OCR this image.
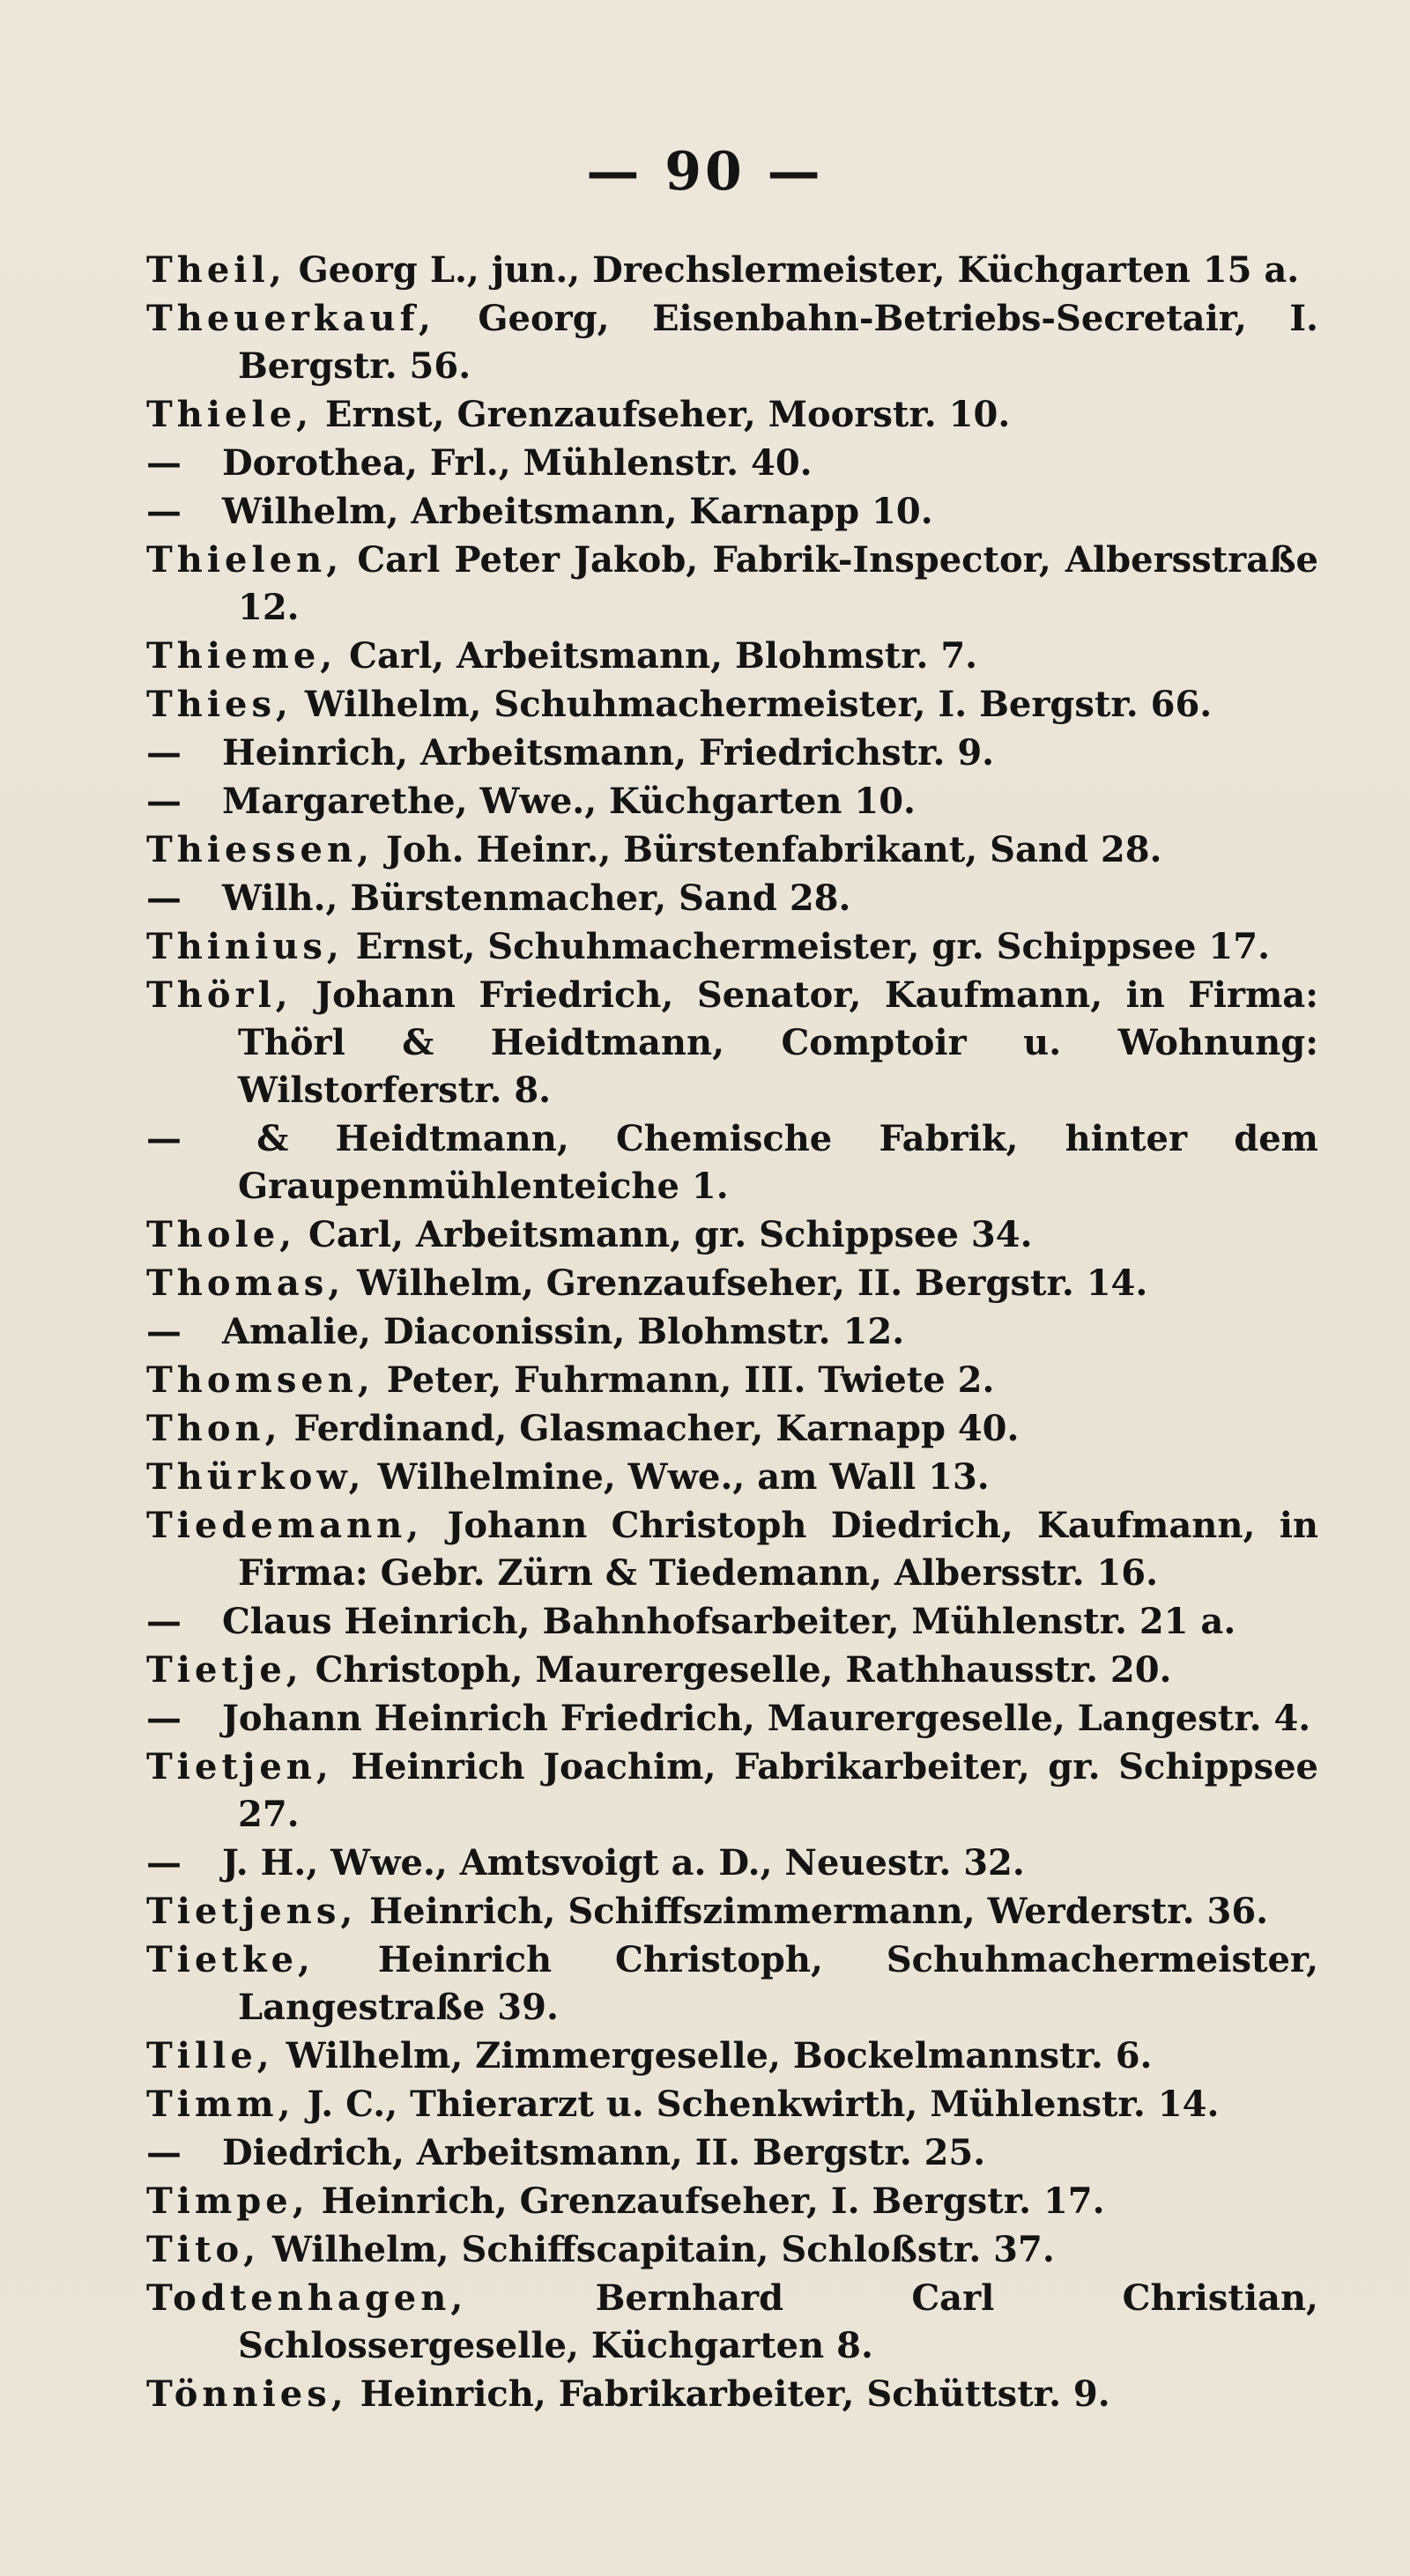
— 90 —

Theil, Georg L., jun., Drechslermeister, Küchgarten 15 a.

Theuerkauf, Georg, Eisenbahn-Betriebs-Secretair, I. Bergstr. 56.

Thiele, Ernst, Grenzaufseher, Moorstr. 10.

— Dorothea, Frl., Mühlenstr. 40.

— Wilhelm, Arbeitsmann, Karnapp 10.

Thielen, Carl Peter Jakob, Fabrik-Inspector, Albersstraße 12.

Thieme, Carl, Arbeitsmann, Blohmstr. 7.

Thies, Wilhelm, Schuhmachermeister, I. Bergstr. 66.

— Heinrich, Arbeitsmann, Friedrichstr. 9.

— Margarethe, Wwe., Küchgarten 10.

Thiessen, Joh. Heinr., Bürstenfabrikant, Sand 28.

— Wilh., Bürstenmacher, Sand 28.

Thinius, Ernst, Schuhmachermeister, gr. Schippsee 17.

Thörl, Johann Friedrich, Senator, Kaufmann, in Firma: Thörl & Heidtmann, Comptoir u. Wohnung: Wilstorferstr. 8.

— & Heidtmann, Chemische Fabrik, hinter dem Graupenmühlenteiche 1.

Thole, Carl, Arbeitsmann, gr. Schippsee 34.

Thomas, Wilhelm, Grenzaufseher, II. Bergstr. 14.

— Amalie, Diaconissin, Blohmstr. 12.

Thomsen, Peter, Fuhrmann, III. Twiete 2.

Thon, Ferdinand, Glasmacher, Karnapp 40.

Thürkow, Wilhelmine, Wwe., am Wall 13.

Tiedemann, Johann Christoph Diedrich, Kaufmann, in Firma: Gebr. Zürn & Tiedemann, Albersstr. 16.

— Claus Heinrich, Bahnhofsarbeiter, Mühlenstr. 21 a.

Tietje, Christoph, Maurergeselle, Rathhausstr. 20.

— Johann Heinrich Friedrich, Maurergeselle, Langestr. 4.

Tietjen, Heinrich Joachim, Fabrikarbeiter, gr. Schippsee 27.

— J. H., Wwe., Amtsvoigt a. D., Neuestr. 32.

Tietjens, Heinrich, Schiffszimmermann, Werderstr. 36.

Tietke, Heinrich Christoph, Schuhmachermeister, Langestraße 39.

Tille, Wilhelm, Zimmergeselle, Bockelmannstr. 6.

Timm, J. C., Thierarzt u. Schenkwirth, Mühlenstr. 14.

— Diedrich, Arbeitsmann, II. Bergstr. 25.

Timpe, Heinrich, Grenzaufseher, I. Bergstr. 17.

Tito, Wilhelm, Schiffscapitain, Schloßstr. 37.

Todtenhagen,	Bernhard Carl Christian, Schlossergeselle, Küchgarten 8.

Tönnies, Heinrich, Fabrikarbeiter, Schüttstr. 9.
